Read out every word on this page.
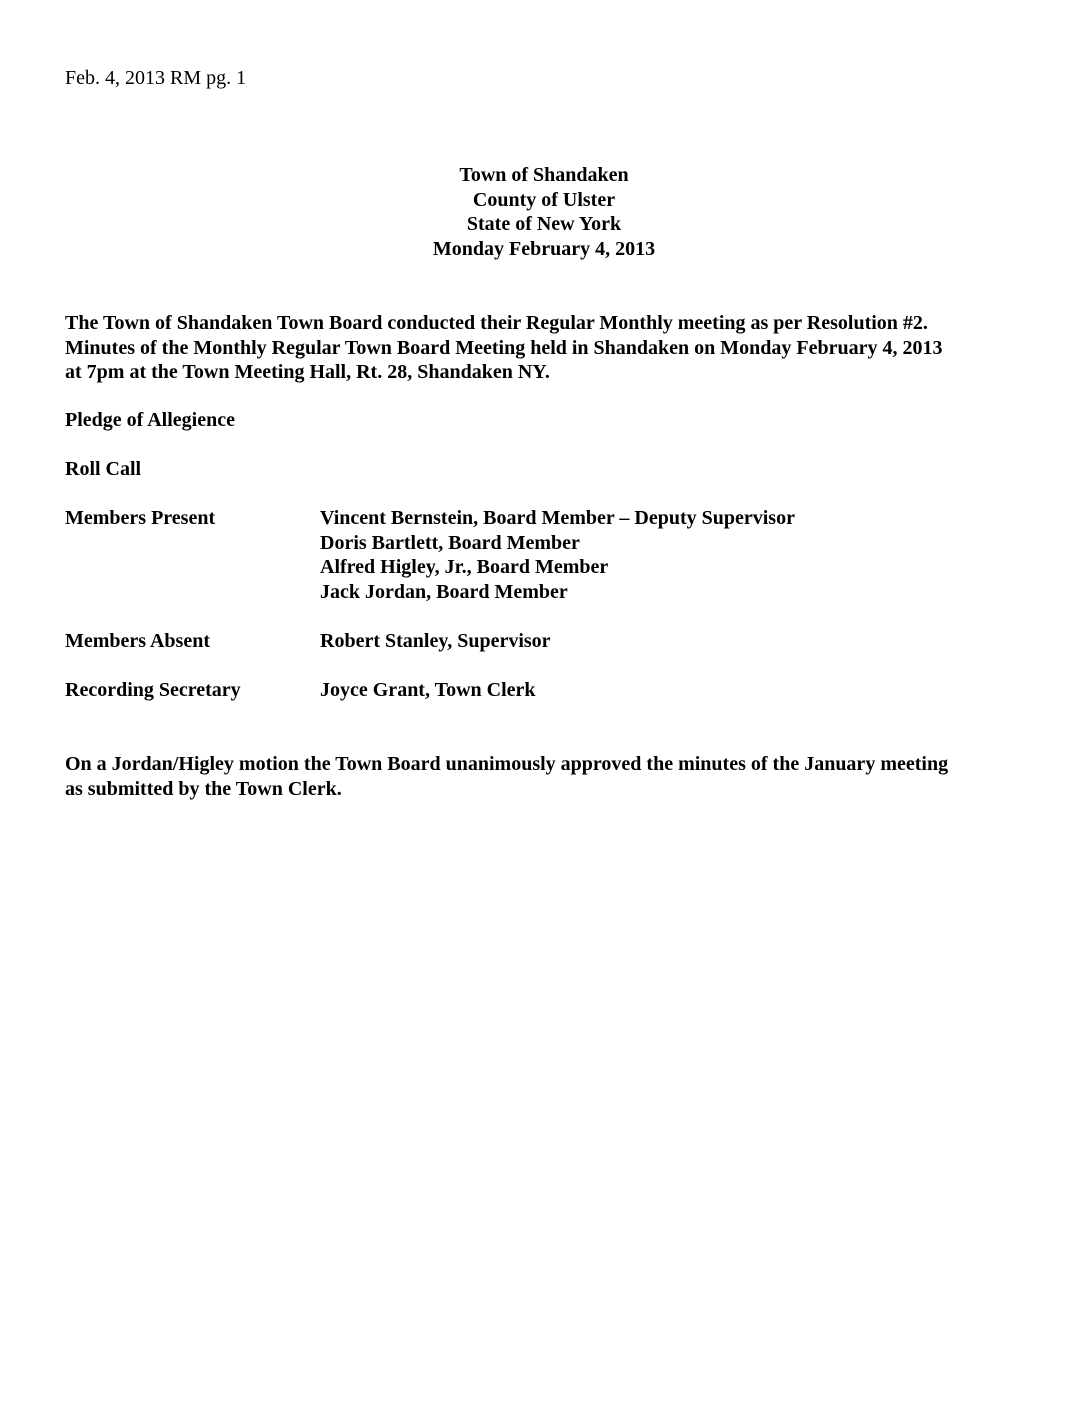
Feb. 4, 2013 RM pg. 1
Town of Shandaken
County of Ulster
State of New York
Monday February 4, 2013
The Town of Shandaken Town Board conducted their Regular Monthly meeting as per Resolution #2.
Minutes of the Monthly Regular Town Board Meeting held in Shandaken on Monday February 4, 2013
at 7pm at the Town Meeting Hall, Rt. 28, Shandaken NY.
Pledge of Allegience
Roll Call
Members Present	Vincent Bernstein, Board Member – Deputy Supervisor
Doris Bartlett, Board Member
Alfred Higley, Jr., Board Member
Jack Jordan, Board Member
Members Absent	Robert Stanley, Supervisor
Recording Secretary	Joyce Grant, Town Clerk
On a Jordan/Higley motion the Town Board unanimously approved the minutes of the January meeting
as submitted by the Town Clerk.
